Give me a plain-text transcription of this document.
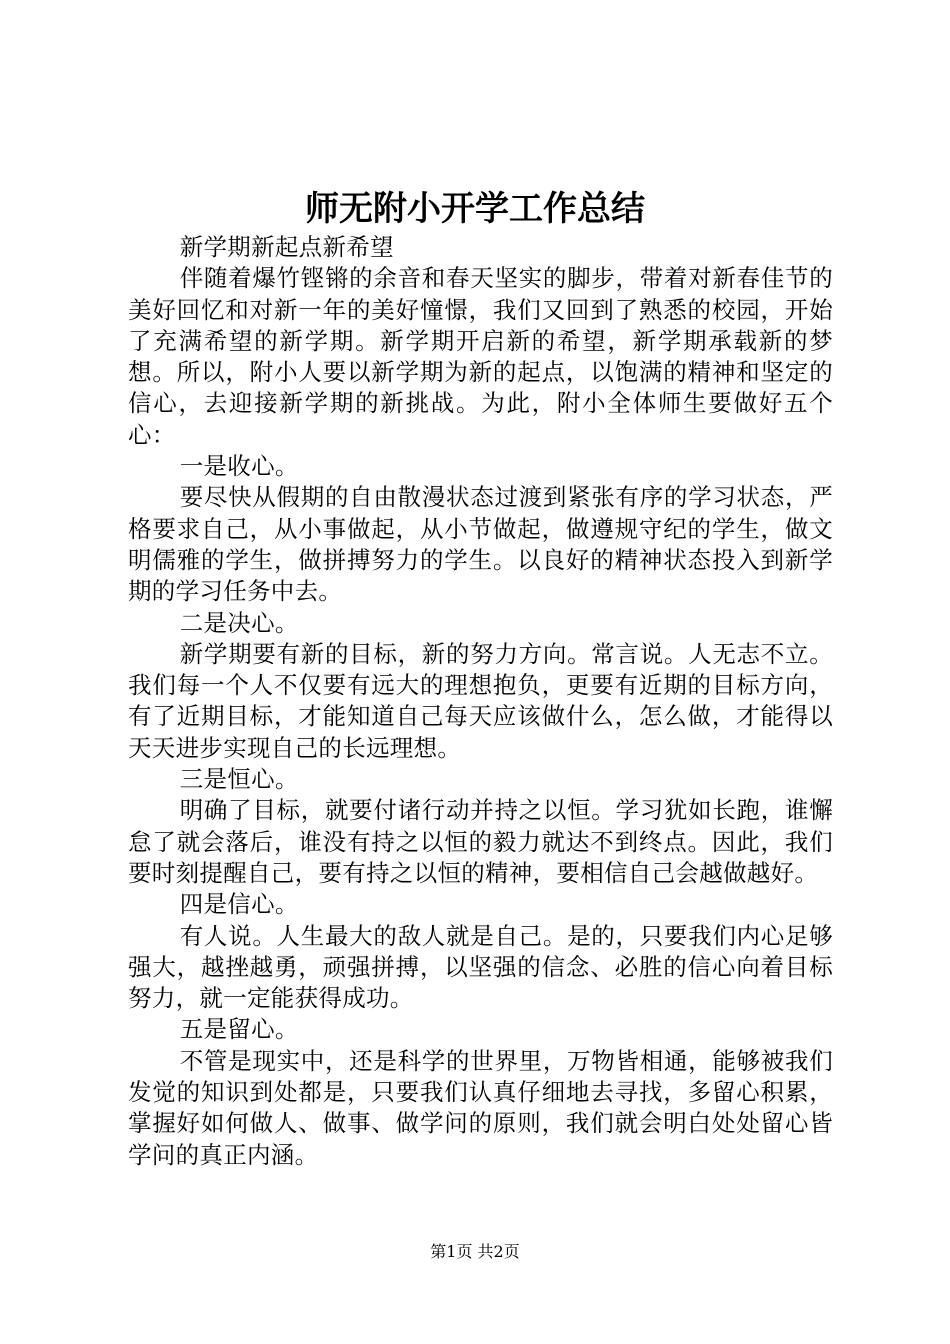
师无附小开学工作总结

新学期新起点新希望

伴随着爆竹铿锵的余音和春天坚实的脚步，带着对新春佳节的美好回忆和对新一年的美好憧憬，我们又回到了熟悉的校园，开始了充满希望的新学期。新学期开启新的希望，新学期承载新的梦想。所以，附小人要以新学期为新的起点，以饱满的精神和坚定的信心，去迎接新学期的新挑战。为此，附小全体师生要做好五个心：

一是收心。

要尽快从假期的自由散漫状态过渡到紧张有序的学习状态，严格要求自己，从小事做起，从小节做起，做遵规守纪的学生，做文明儒雅的学生，做拼搏努力的学生。以良好的精神状态投入到新学期的学习任务中去。

二是决心。

新学期要有新的目标，新的努力方向。常言说。人无志不立。我们每一个人不仅要有远大的理想抱负，更要有近期的目标方向，有了近期目标，才能知道自己每天应该做什么，怎么做，才能得以天天进步实现自己的长远理想。

三是恒心。

明确了目标，就要付诸行动并持之以恒。学习犹如长跑，谁懈怠了就会落后，谁没有持之以恒的毅力就达不到终点。因此，我们要时刻提醒自己，要有持之以恒的精神，要相信自己会越做越好。

四是信心。

有人说。人生最大的敌人就是自己。是的，只要我们内心足够强大，越挫越勇，顽强拼搏，以坚强的信念、必胜的信心向着目标努力，就一定能获得成功。

五是留心。

不管是现实中，还是科学的世界里，万物皆相通，能够被我们发觉的知识到处都是，只要我们认真仔细地去寻找，多留心积累，掌握好如何做人、做事、做学问的原则，我们就会明白处处留心皆学问的真正内涵。

第1页 共2页
